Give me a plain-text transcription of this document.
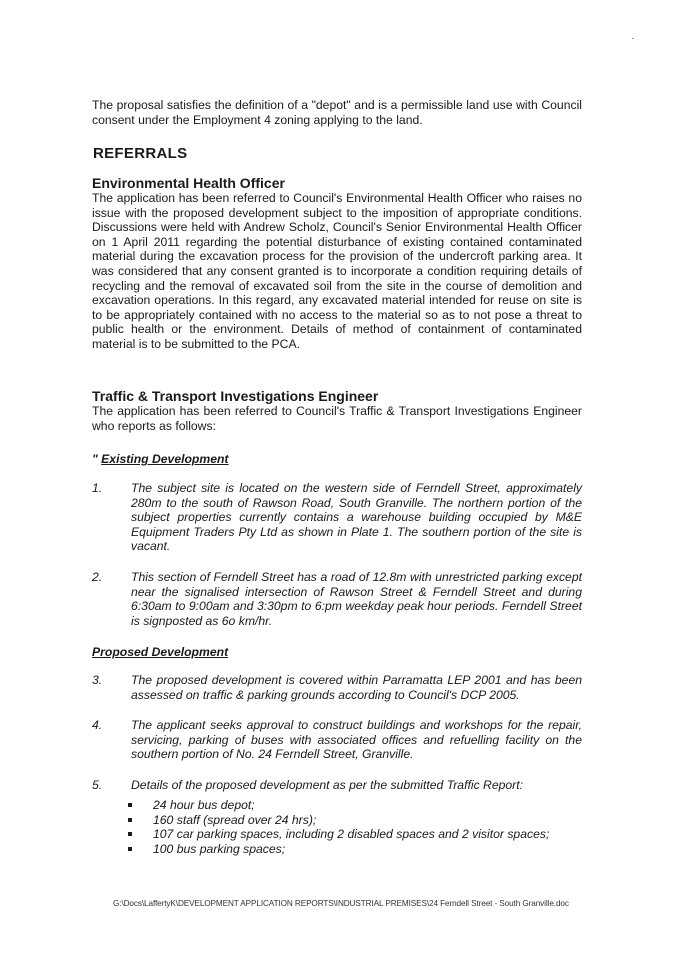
The proposal satisfies the definition of a "depot" and is a permissible land use with Council consent under the Employment 4 zoning applying to the land.

REFERRALS
Environmental Health Officer

The application has been referred to Council's Environmental Health Officer who raises no issue with the proposed development subject to the imposition of appropriate conditions. Discussions were held with Andrew Scholz, Council's Senior Environmental Health Officer on 1 April 2011 regarding the potential disturbance of existing contained contaminated material during the excavation process for the provision of the undercroft parking area. It was considered that any consent granted is to incorporate a condition requiring details of recycling and the removal of excavated soil from the site in the course of demolition and excavation operations. In this regard, any excavated material intended for reuse on site is to be appropriately contained with no access to the material so as to not pose a threat to public health or the environment. Details of method of containment of contaminated material is to be submitted to the PCA.

Traffic & Transport Investigations Engineer

The application has been referred to Council's Traffic & Transport Investigations Engineer who reports as follows:

" Existing Development
1. The subject site is located on the western side of Ferndell Street, approximately 280m to the south of Rawson Road, South Granville. The northern portion of the subject properties currently contains a warehouse building occupied by M&E Equipment Traders Pty Ltd as shown in Plate 1. The southern portion of the site is vacant.
2. This section of Ferndell Street has a road of 12.8m with unrestricted parking except near the signalised intersection of Rawson Street & Ferndell Street and during 6:30am to 9:00am and 3:30pm to 6:pm weekday peak hour periods. Ferndell Street is signposted as 6o km/hr.
Proposed Development
3. The proposed development is covered within Parramatta LEP 2001 and has been assessed on traffic & parking grounds according to Council's DCP 2005.
4. The applicant seeks approval to construct buildings and workshops for the repair, servicing, parking of buses with associated offices and refuelling facility on the southern portion of No. 24 Ferndell Street, Granville.
5. Details of the proposed development as per the submitted Traffic Report:
24 hour bus depot;
160 staff (spread over 24 hrs);
107 car parking spaces, including 2 disabled spaces and 2 visitor spaces;
100 bus parking spaces;
G:\Docs\LaffertyK\DEVELOPMENT APPLICATION REPORTS\INDUSTRIAL PREMISES\24 Ferndell Street - South Granville.doc
